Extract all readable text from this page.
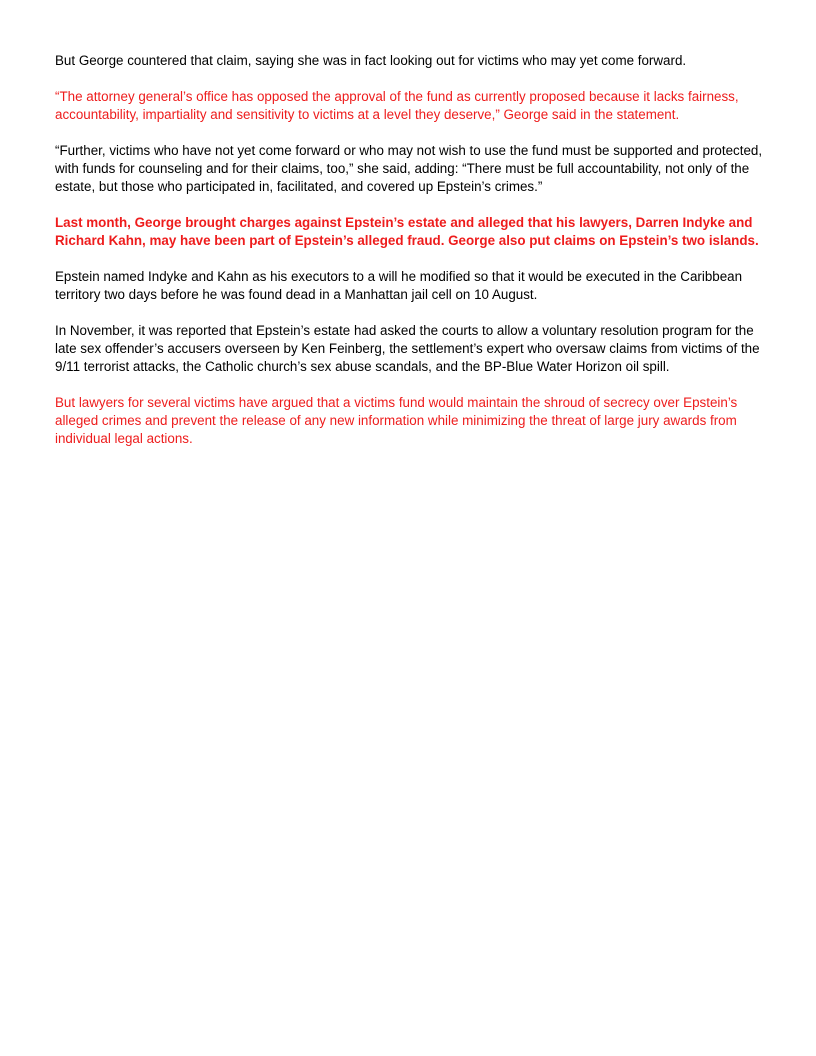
But George countered that claim, saying she was in fact looking out for victims who may yet come forward.

“The attorney general’s office has opposed the approval of the fund as currently proposed because it lacks fairness, accountability, impartiality and sensitivity to victims at a level they deserve,” George said in the statement.

“Further, victims who have not yet come forward or who may not wish to use the fund must be supported and protected, with funds for counseling and for their claims, too,” she said, adding: “There must be full accountability, not only of the estate, but those who participated in, facilitated, and covered up Epstein’s crimes.”

Last month, George brought charges against Epstein’s estate and alleged that his lawyers, Darren Indyke and Richard Kahn, may have been part of Epstein’s alleged fraud. George also put claims on Epstein’s two islands.

Epstein named Indyke and Kahn as his executors to a will he modified so that it would be executed in the Caribbean territory two days before he was found dead in a Manhattan jail cell on 10 August.

In November, it was reported that Epstein’s estate had asked the courts to allow a voluntary resolution program for the late sex offender’s accusers overseen by Ken Feinberg, the settlement’s expert who oversaw claims from victims of the 9/11 terrorist attacks, the Catholic church’s sex abuse scandals, and the BP-Blue Water Horizon oil spill.

But lawyers for several victims have argued that a victims fund would maintain the shroud of secrecy over Epstein’s alleged crimes and prevent the release of any new information while minimizing the threat of large jury awards from individual legal actions.
